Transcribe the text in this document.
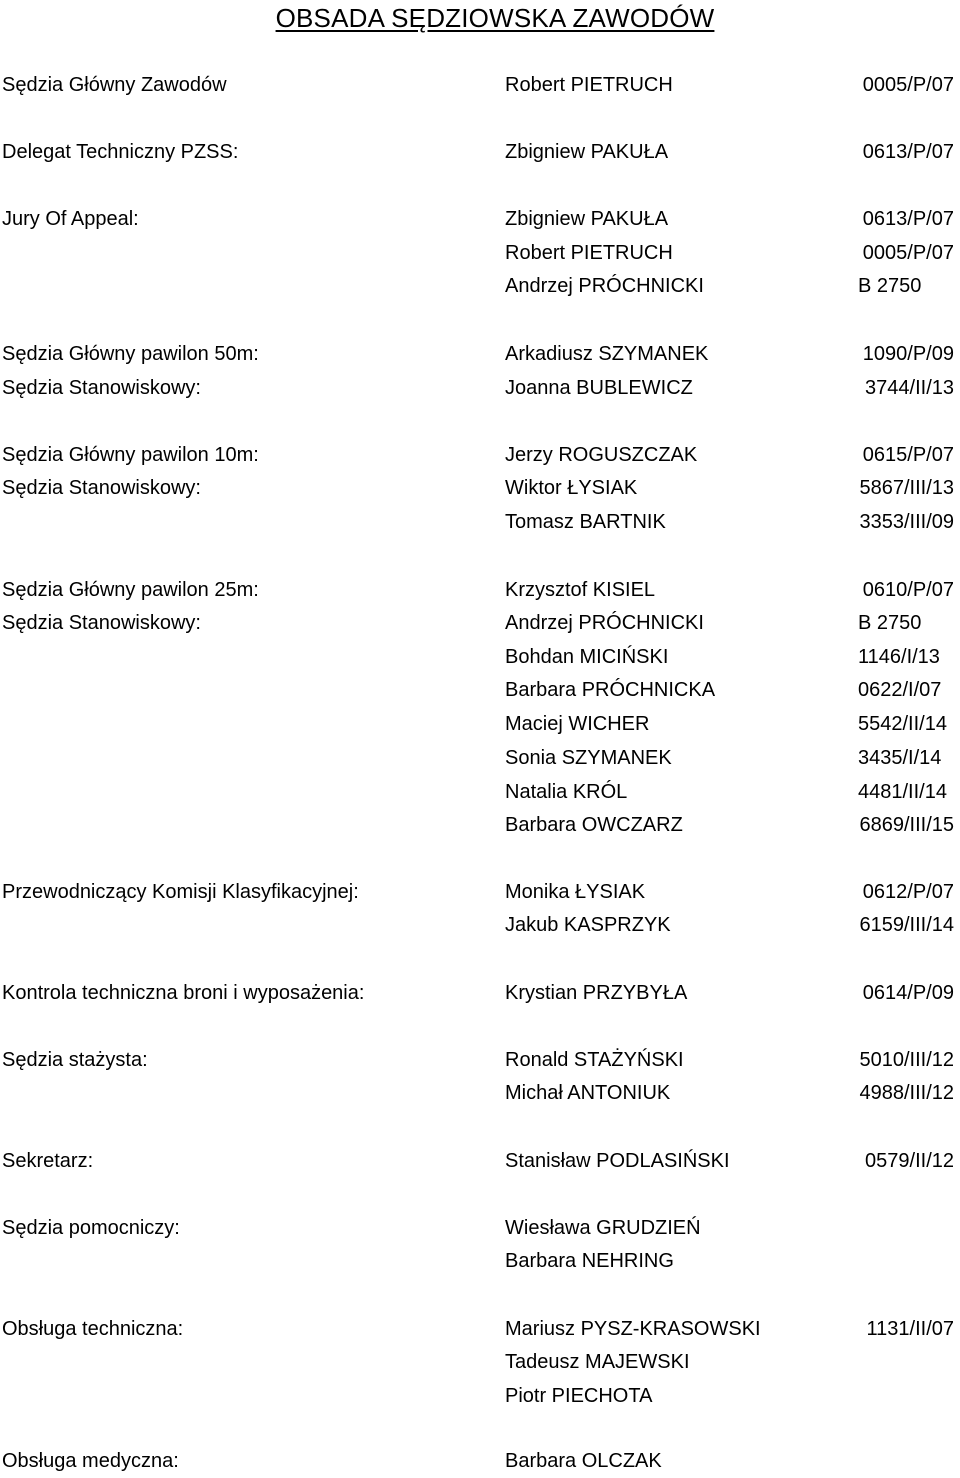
OBSADA SĘDZIOWSKA ZAWODÓW
Sędzia Główny Zawodów	Robert PIETRUCH	0005/P/07
Delegat Techniczny PZSS:	Zbigniew PAKUŁA	0613/P/07
Jury Of Appeal:	Zbigniew PAKUŁA	0613/P/07
Robert PIETRUCH	0005/P/07
Andrzej PRÓCHNICKI	B 2750
Sędzia Główny pawilon 50m:	Arkadiusz SZYMANEK	1090/P/09
Sędzia Stanowiskowy:	Joanna BUBLEWICZ	3744/II/13
Sędzia Główny pawilon 10m:	Jerzy ROGUSZCZAK	0615/P/07
Sędzia Stanowiskowy:	Wiktor ŁYSIAK	5867/III/13
Tomasz BARTNIK	3353/III/09
Sędzia Główny pawilon 25m:	Krzysztof KISIEL	0610/P/07
Sędzia Stanowiskowy:	Andrzej PRÓCHNICKI	B 2750
Bohdan MICIŃSKI	1146/I/13
Barbara PRÓCHNICKA	0622/I/07
Maciej WICHER	5542/II/14
Sonia SZYMANEK	3435/I/14
Natalia KRÓL	4481/II/14
Barbara OWCZARZ	6869/III/15
Przewodniczący Komisji Klasyfikacyjnej:	Monika ŁYSIAK	0612/P/07
Jakub KASPRZYK	6159/III/14
Kontrola techniczna broni i wyposażenia:	Krystian PRZYBYŁA	0614/P/09
Sędzia stażysta:	Ronald STAŻYŃSKI	5010/III/12
Michał ANTONIUK	4988/III/12
Sekretarz:	Stanisław PODLASIŃSKI	0579/II/12
Sędzia pomocniczy:	Wiesława GRUDZIEŃ
Barbara NEHRING
Obsługa techniczna:	Mariusz PYSZ-KRASOWSKI	1131/II/07
Tadeusz MAJEWSKI
Piotr PIECHOTA
Obsługa medyczna:	Barbara OLCZAK
